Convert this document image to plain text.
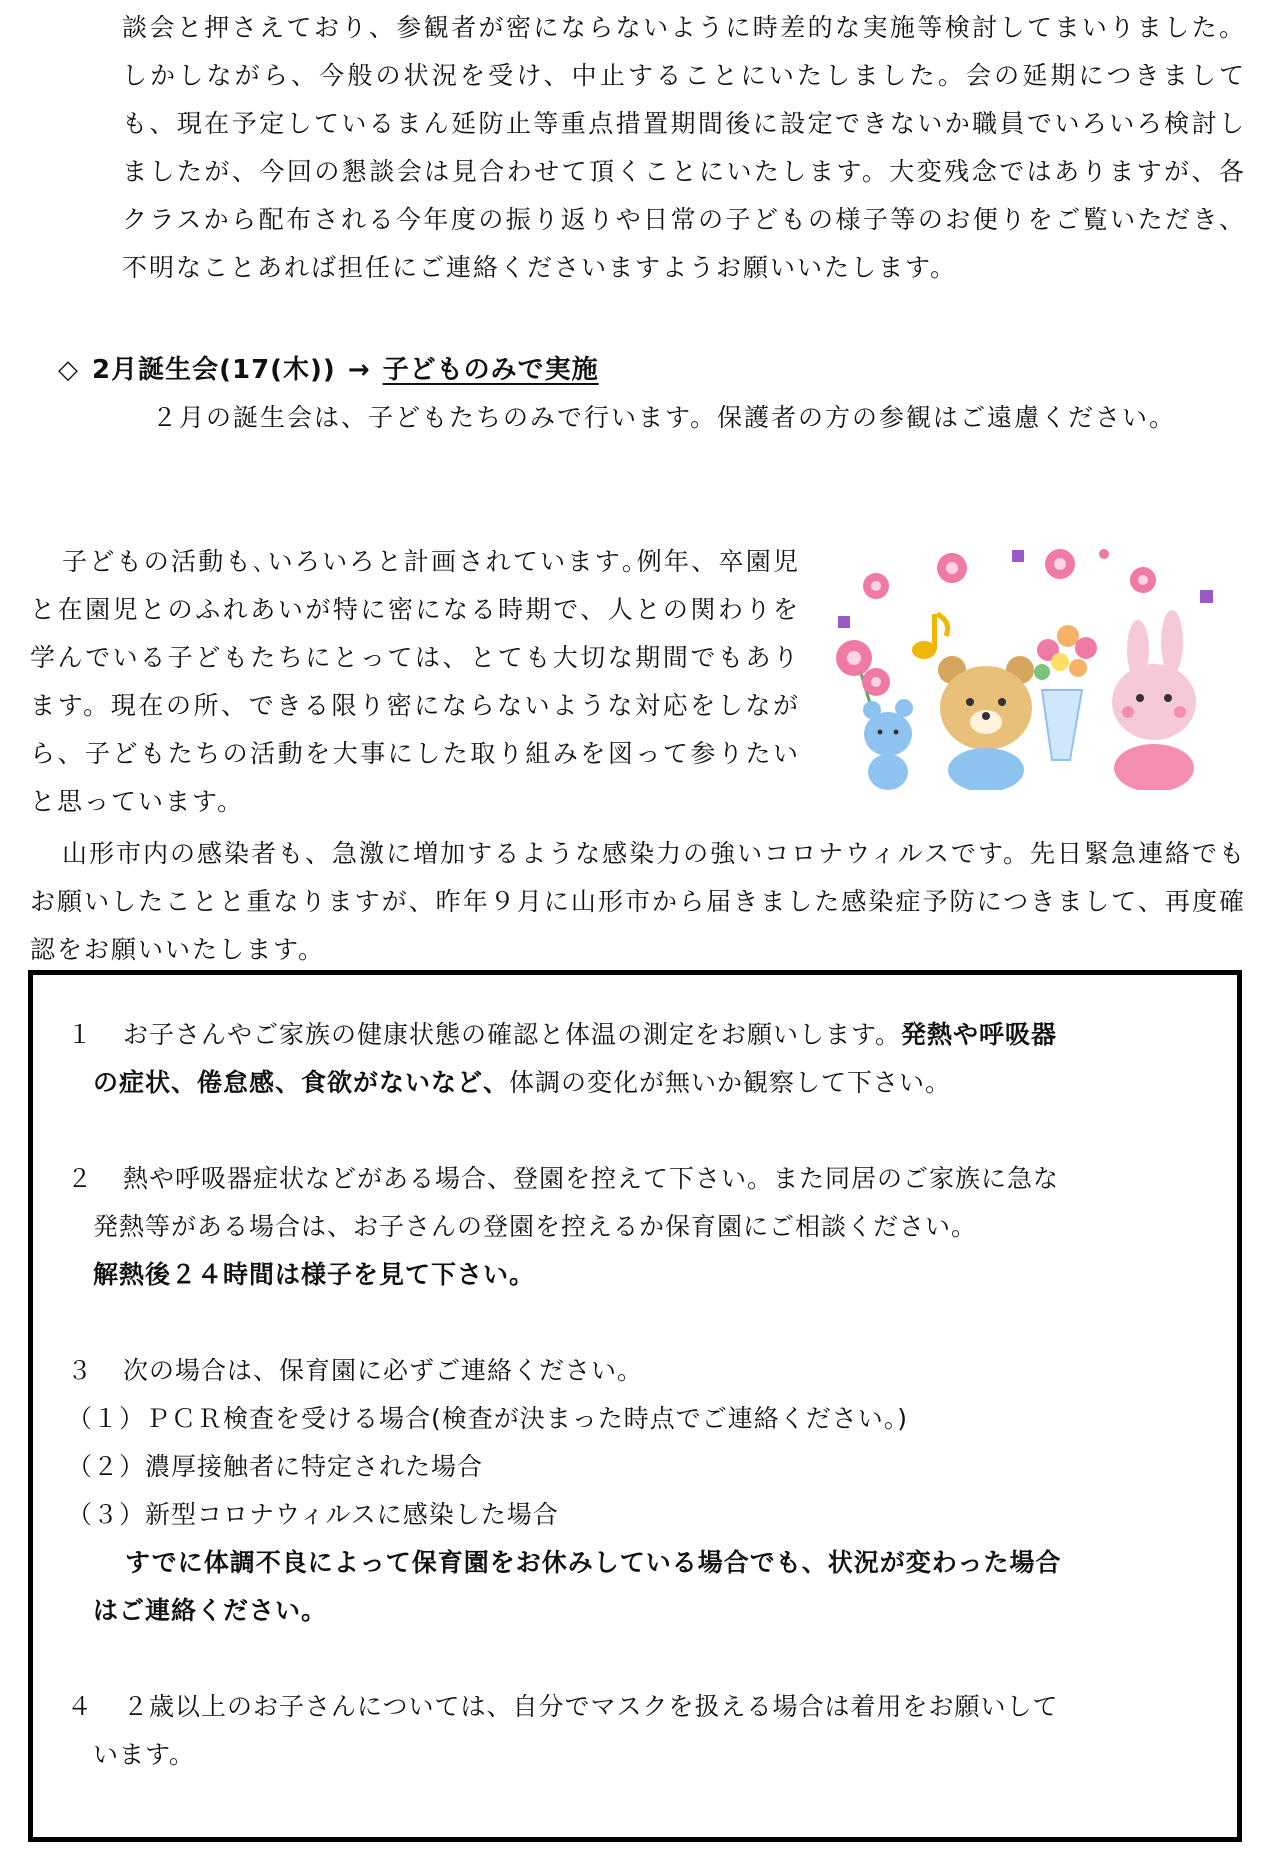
談会と押さえており、参観者が密にならないように時差的な実施等検討してまいりました。しかしながら、今般の状況を受け、中止することにいたしました。会の延期につきましても、現在予定しているまん延防止等重点措置期間後に設定できないか職員でいろいろ検討しましたが、今回の懇談会は見合わせて頂くことにいたします。大変残念ではありますが、各クラスから配布される今年度の振り返りや日常の子どもの様子等のお便りをご覧いただき、不明なことあれば担任にご連絡くださいますようお願いいたします。

◇ 2月誕生会(17(木)) → 子どものみで実施

２月の誕生会は、子どもたちのみで行います。保護者の方の参観はご遠慮ください。

子どもの活動も､いろいろと計画されています｡例年、卒園児と在園児とのふれあいが特に密になる時期で、人との関わりを学んでいる子どもたちにとっては、とても大切な期間でもあります。現在の所、できる限り密にならないような対応をしながら、子どもたちの活動を大事にした取り組みを図って参りたいと思っています。

山形市内の感染者も、急激に増加するような感染力の強いコロナウィルスです。先日緊急連絡でもお願いしたことと重なりますが、昨年９月に山形市から届きました感染症予防につきまして、再度確認をお願いいたします。

１ お子さんやご家族の健康状態の確認と体温の測定をお願いします。発熱や呼吸器

の症状、倦怠感、食欲がないなど、体調の変化が無いか観察して下さい。

２ 熱や呼吸器症状などがある場合、登園を控えて下さい。また同居のご家族に急な

発熱等がある場合は、お子さんの登園を控えるか保育園にご相談ください。

解熱後２４時間は様子を見て下さい。

３ 次の場合は、保育園に必ずご連絡ください。

（１）ＰＣＲ検査を受ける場合(検査が決まった時点でご連絡ください。)

（２）濃厚接触者に特定された場合

（３）新型コロナウィルスに感染した場合

すでに体調不良によって保育園をお休みしている場合でも、状況が変わった場合

はご連絡ください。

４ ２歳以上のお子さんについては、自分でマスクを扱える場合は着用をお願いして

います。
